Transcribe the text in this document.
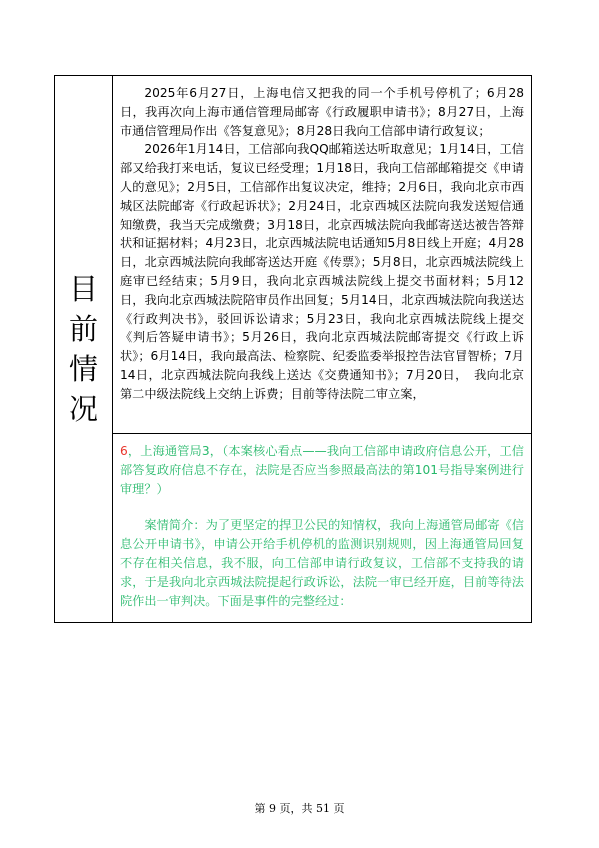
目前情况

2025年6月27日，上海电信又把我的同一个手机号停机了；6月28日，我再次向上海市通信管理局邮寄《行政履职申请书》；8月27日，上海市通信管理局作出《答复意见》；8月28日我向工信部申请行政复议；

2026年1月14日，工信部向我QQ邮箱送达听取意见；1月14日，工信部又给我打来电话，复议已经受理；1月18日，我向工信部邮箱提交《申请人的意见》；2月5日，工信部作出复议决定，维持；2月6日，我向北京市西城区法院邮寄《行政起诉状》；2月24日，北京西城区法院向我发送短信通知缴费，我当天完成缴费；3月18日，北京西城法院向我邮寄送达被告答辩状和证据材料；4月23日，北京西城法院电话通知5月8日线上开庭；4月28日，北京西城法院向我邮寄送达开庭《传票》；5月8日，北京西城法院线上庭审已经结束；5月9日，我向北京西城法院线上提交书面材料；5月12日，我向北京西城法院陪审员作出回复；5月14日，北京西城法院向我送达《行政判决书》，驳回诉讼请求；5月23日，我向北京西城法院线上提交《判后答疑申请书》；5月26日，我向北京西城法院邮寄提交《行政上诉状》；6月14日，我向最高法、检察院、纪委监委举报控告法官冒智桥；7月14日，北京西城法院向我线上送达《交费通知书》；7月20日，　我向北京第二中级法院线上交纳上诉费；目前等待法院二审立案，

6，上海通管局3，（本案核心看点——我向工信部申请政府信息公开，工信部答复政府信息不存在，法院是否应当参照最高法的第101号指导案例进行审理？）

案情简介：为了更坚定的捍卫公民的知情权，我向上海通管局邮寄《信息公开申请书》，申请公开给手机停机的监测识别规则，因上海通管局回复不存在相关信息，我不服，向工信部申请行政复议，工信部不支持我的请求，于是我向北京西城法院提起行政诉讼，法院一审已经开庭，目前等待法院作出一审判决。下面是事件的完整经过：

第 9 页，共 51 页
